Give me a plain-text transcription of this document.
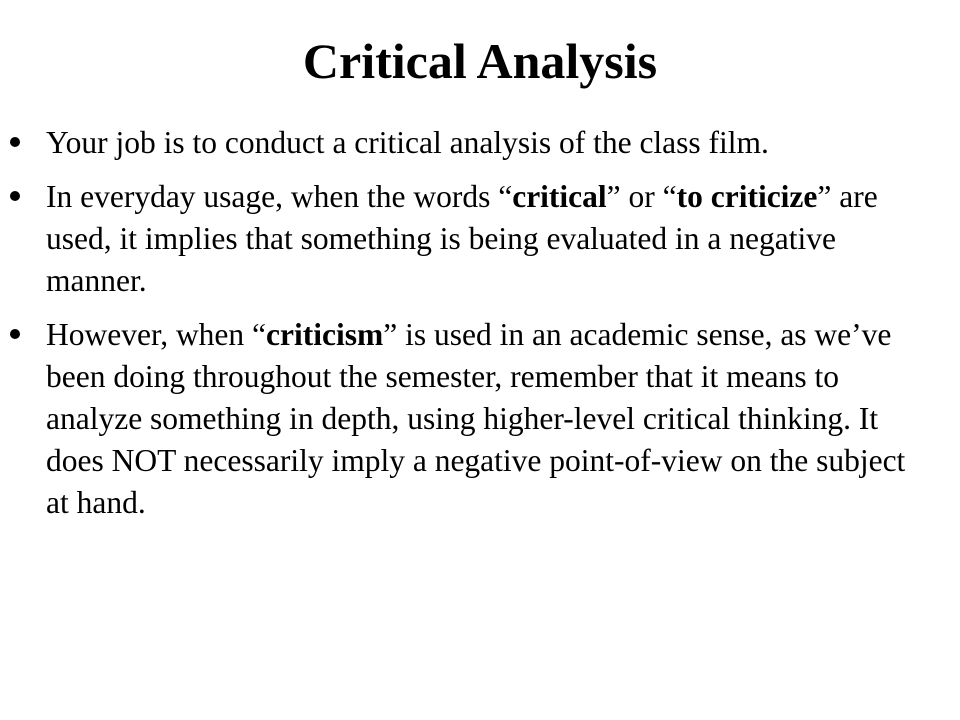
Critical Analysis
Your job is to conduct a critical analysis of the class film.
In everyday usage, when the words “critical” or “to criticize” are used, it implies that something is being evaluated in a negative manner.
However, when “criticism” is used in an academic sense, as we’ve been doing throughout the semester, remember that it means to analyze something in depth, using higher-level critical thinking. It does NOT necessarily imply a negative point-of-view on the subject at hand.
